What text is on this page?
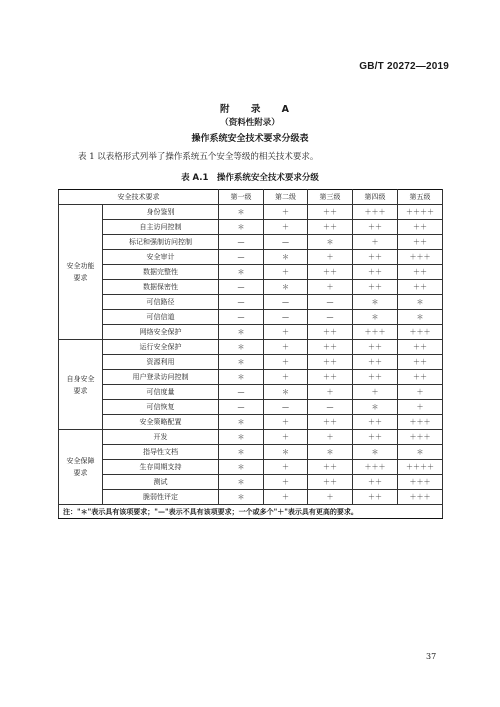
GB/T 20272—2019
附 录 A
（资料性附录）
操作系统安全技术要求分级表
表 1 以表格形式列举了操作系统五个安全等级的相关技术要求。
表 A.1　操作系统安全技术要求分级
安全技术要求		第一级	第二级	第三级	第四级	第五级
安全功能要求	身份鉴别	＊	＋	＋＋	＋＋＋	＋＋＋＋
	自主访问控制	＊	＋	＋＋	＋＋	＋＋
	标记和强制访问控制	—	—	＊	＋	＋＋
	安全审计	—	＊	＋	＋＋	＋＋＋
	数据完整性	＊	＋	＋＋	＋＋	＋＋
	数据保密性	—	＊	＋	＋＋	＋＋
	可信路径	—	—	—	＊	＊
	可信信道	—	—	—	＊	＊
	网络安全保护	＊	＋	＋＋	＋＋＋	＋＋＋
自身安全要求	运行安全保护	＊	＋	＋＋	＋＋	＋＋
	资源利用	＊	＋	＋＋	＋＋	＋＋
	用户登录访问控制	＊	＋	＋＋	＋＋	＋＋
	可信度量	—	＊	＋	＋	＋
	可信恢复	—	—	—	＊	＋
	安全策略配置	＊	＋	＋＋	＋＋	＋＋＋
安全保障要求	开发	＊	＋	＋	＋＋	＋＋＋
	指导性文档	＊	＊	＊	＊	＊
	生存周期支持	＊	＋	＋＋	＋＋＋	＋＋＋＋
	测试	＊	＋	＋＋	＋＋	＋＋＋
	脆弱性评定	＊	＋	＋	＋＋	＋＋＋
注："＊"表示具有该项要求；"—"表示不具有该项要求；一个或多个"＋"表示具有更高的要求。						
37
